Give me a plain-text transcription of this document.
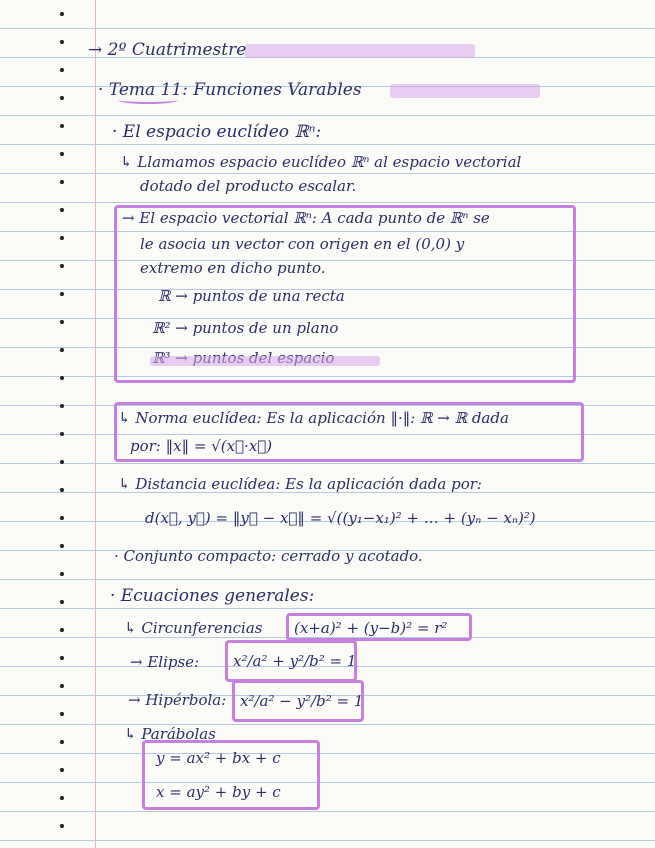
→ 2º Cuatrimestre
· Tema 11: Funciones Varables
· El espacio euclídeo ℝⁿ:
↳ Llamamos espacio euclídeo ℝⁿ al espacio vectorial
dotado del producto escalar.
→ El espacio vectorial ℝⁿ: A cada punto de ℝⁿ se
le asocia un vector con origen en el (0,0) y
extremo en dicho punto.
ℝ → puntos de una recta
ℝ² → puntos de un plano
↳ Norma euclídea: Es la aplicación ‖·‖: ℝ → ℝ dada
por: ‖x‖ = √(x⃗·x⃗)
↳ Distancia euclídea: Es la aplicación dada por:
d(x⃗, y⃗) = ‖y⃗ − x⃗‖ = √((y₁−x₁)² + … + (yₙ − xₙ)²)
· Conjunto compacto: cerrado y acotado.
· Ecuaciones generales:
↳ Circunferencias (x+a)² + (y−b)² = r²
→ Elipse: x²/a² + y²/b² = 1
→ Hipérbola: x²/a² − y²/b² = 1
↳ Parábolas
y = ax² + bx + c
x = ay² + by + c
